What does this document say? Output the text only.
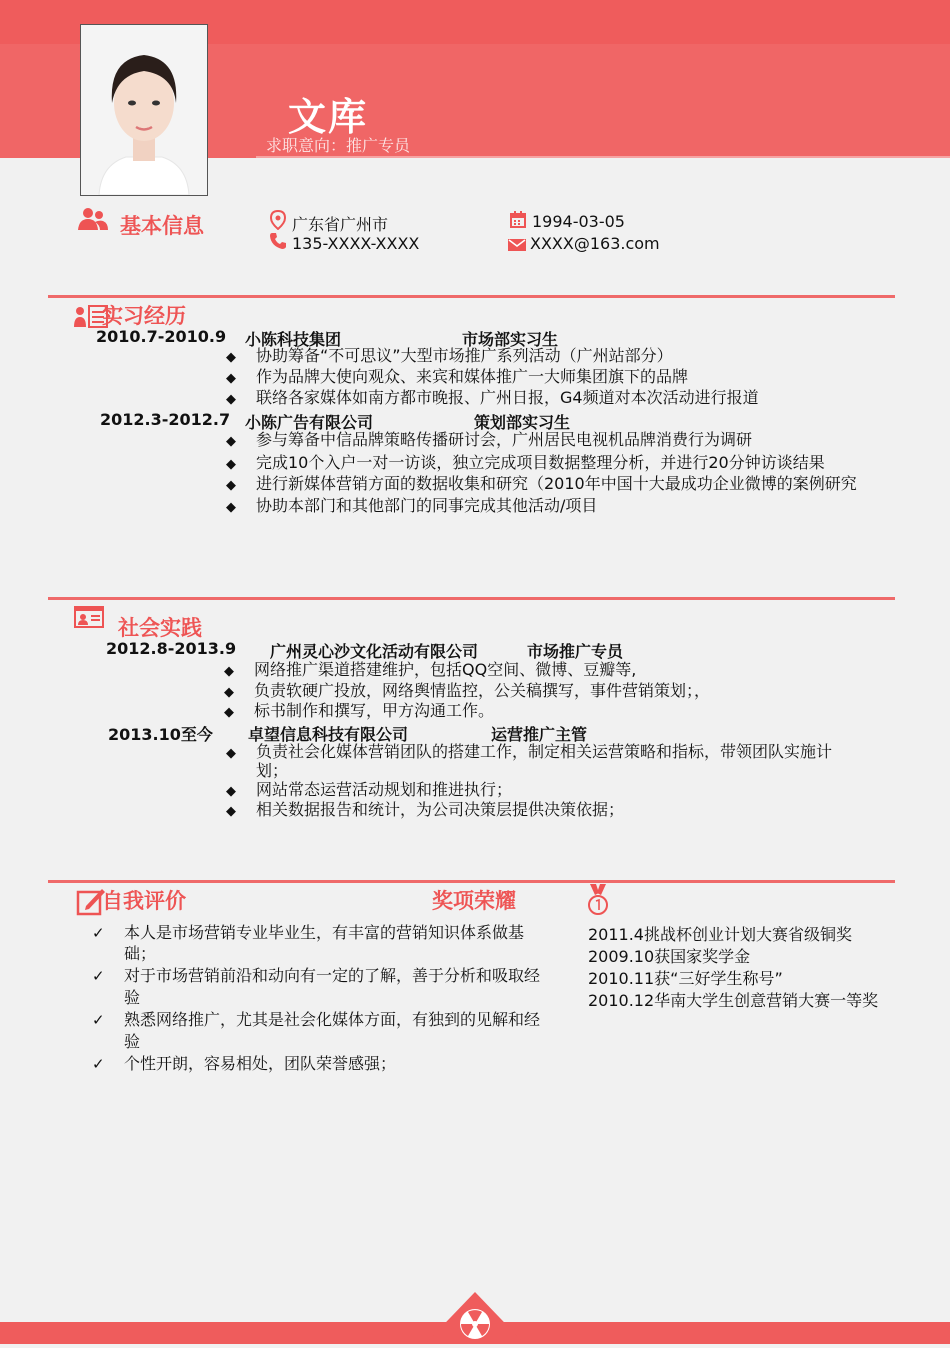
文库
求职意向：推广专员
基本信息	广东省广州市
135-XXXX-XXXX
1994-03-05
XXXX@163.com
实习经历
2010.7-2010.9 小陈科技集团	市场部实习生
◆ 协助筹备“不可思议”大型市场推广系列活动（广州站部分）
◆ 作为品牌大使向观众、来宾和媒体推广一大师集团旗下的品牌
◆ 联络各家媒体如南方都市晚报、广州日报，G4频道对本次活动进行报道
2012.3-2012.7 小陈广告有限公司	策划部实习生
◆ 参与筹备中信品牌策略传播研讨会，广州居民电视机品牌消费行为调研
◆ 完成10个入户一对一访谈，独立完成项目数据整理分析，并进行20分钟访谈结果
◆ 进行新媒体营销方面的数据收集和研究（2010年中国十大最成功企业微博的案例研究
◆ 协助本部门和其他部门的同事完成其他活动/项目
社会实践
2012.8-2013.9 广州灵心沙文化活动有限公司	市场推广专员
◆ 网络推广渠道搭建维护，包括QQ空间、微博、豆瓣等,
◆ 负责软硬广投放，网络舆情监控，公关稿撰写，事件营销策划；，
◆ 标书制作和撰写，甲方沟通工作。
2013.10至今 卓望信息科技有限公司	运营推广主管
◆ 负责社会化媒体营销团队的搭建工作，制定相关运营策略和指标，带领团队实施计
划；
◆ 网站常态运营活动规划和推进执行；
◆ 相关数据报告和统计，为公司决策层提供决策依据；
自我评价
✓ 本人是市场营销专业毕业生，有丰富的营销知识体系做基
础；
✓ 对于市场营销前沿和动向有一定的了解，善于分析和吸取经
验
✓ 熟悉网络推广，尤其是社会化媒体方面，有独到的见解和经
验
✓ 个性开朗，容易相处，团队荣誉感强；
奖项荣耀
2011.4挑战杯创业计划大赛省级铜奖
2009.10获国家奖学金
2010.11获“三好学生称号”
2010.12华南大学生创意营销大赛一等奖
